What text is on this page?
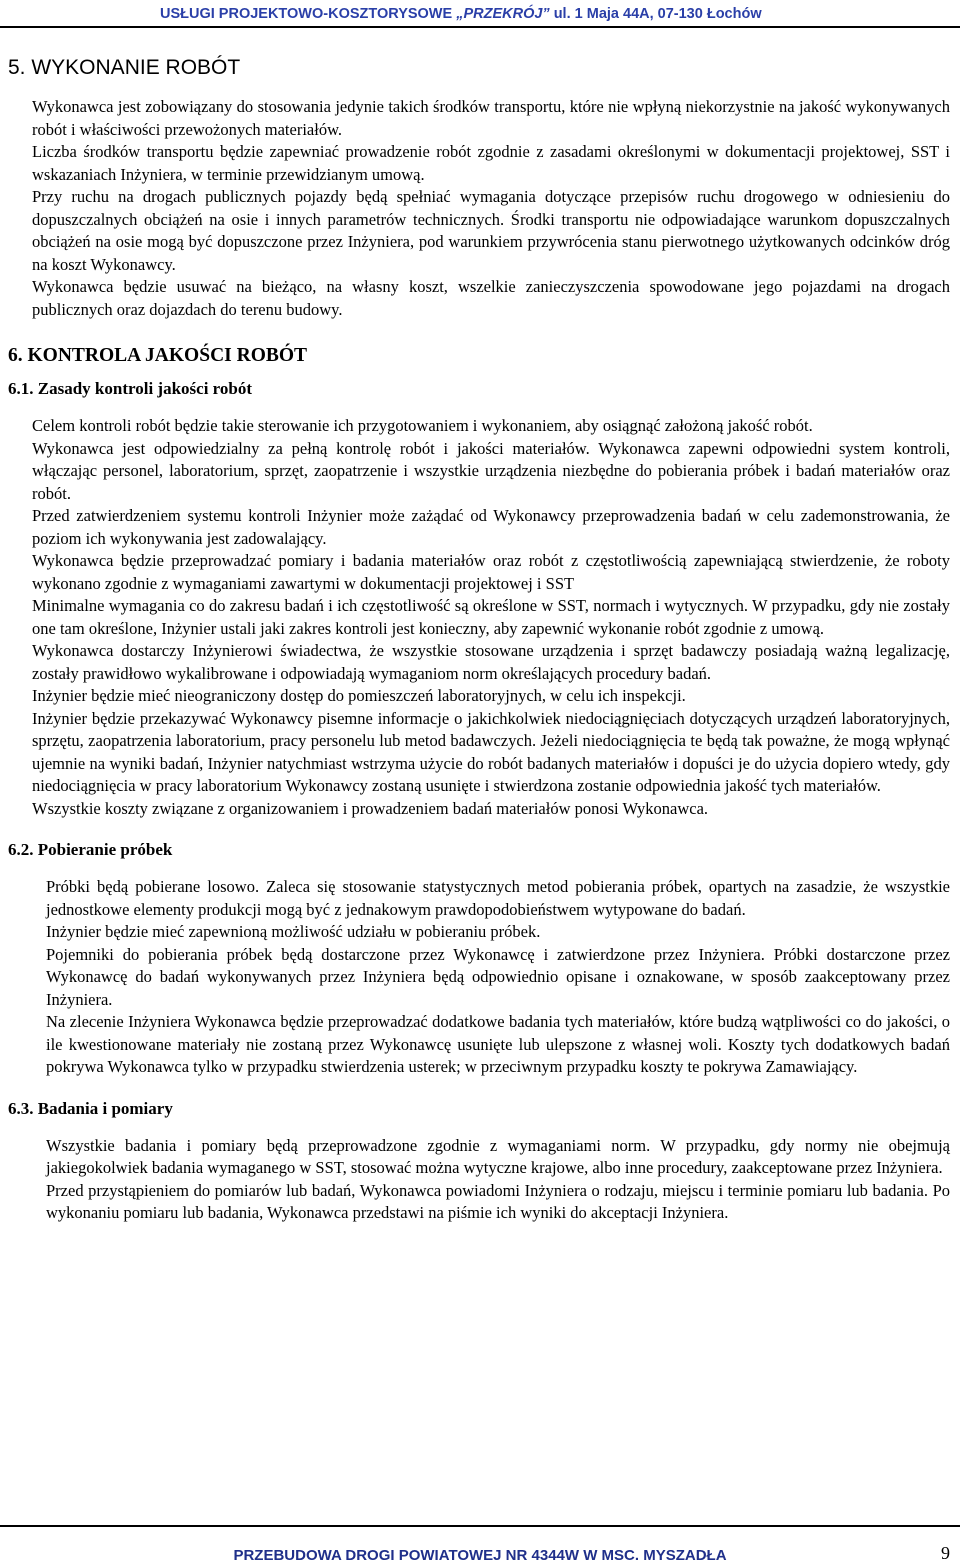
USŁUGI PROJEKTOWO-KOSZTORYSOWE „PRZEKRÓJ” ul. 1 Maja 44A, 07-130 Łochów
5. WYKONANIE ROBÓT

Wykonawca jest zobowiązany do stosowania jedynie takich środków transportu, które nie wpłyną niekorzystnie na jakość wykonywanych robót i właściwości przewożonych materiałów.

Liczba środków transportu będzie zapewniać prowadzenie robót zgodnie z zasadami określonymi w dokumentacji projektowej, SST i wskazaniach Inżyniera, w terminie przewidzianym umową.

Przy ruchu na drogach publicznych pojazdy będą spełniać wymagania dotyczące przepisów ruchu drogowego w odniesieniu do dopuszczalnych obciążeń na osie i innych parametrów technicznych. Środki transportu nie odpowiadające warunkom dopuszczalnych obciążeń na osie mogą być dopuszczone przez Inżyniera, pod warunkiem przywrócenia stanu pierwotnego użytkowanych odcinków dróg na koszt Wykonawcy.

Wykonawca będzie usuwać na bieżąco, na własny koszt, wszelkie zanieczyszczenia spowodowane jego pojazdami na drogach publicznych oraz dojazdach do terenu budowy.

6. KONTROLA JAKOŚCI ROBÓT
6.1. Zasady kontroli jakości robót

Celem kontroli robót będzie takie sterowanie ich przygotowaniem i wykonaniem, aby osiągnąć założoną jakość robót.

Wykonawca jest odpowiedzialny za pełną kontrolę robót i jakości materiałów. Wykonawca zapewni odpowiedni system kontroli, włączając personel, laboratorium, sprzęt, zaopatrzenie i wszystkie urządzenia niezbędne do pobierania próbek i badań materiałów oraz robót.

Przed zatwierdzeniem systemu kontroli Inżynier może zażądać od Wykonawcy przeprowadzenia badań w celu zademonstrowania, że poziom ich wykonywania jest zadowalający.

Wykonawca będzie przeprowadzać pomiary i badania materiałów oraz robót z częstotliwością zapewniającą stwierdzenie, że roboty wykonano zgodnie z wymaganiami zawartymi w dokumentacji projektowej i SST

Minimalne wymagania co do zakresu badań i ich częstotliwość są określone w SST, normach i wytycznych. W przypadku, gdy nie zostały one tam określone, Inżynier ustali jaki zakres kontroli jest konieczny, aby zapewnić wykonanie robót zgodnie z umową.

Wykonawca dostarczy Inżynierowi świadectwa, że wszystkie stosowane urządzenia i sprzęt badawczy posiadają ważną legalizację, zostały prawidłowo wykalibrowane i odpowiadają wymaganiom norm określających procedury badań.

Inżynier będzie mieć nieograniczony dostęp do pomieszczeń laboratoryjnych, w celu ich inspekcji.

Inżynier będzie przekazywać Wykonawcy pisemne informacje o jakichkolwiek niedociągnięciach dotyczących urządzeń laboratoryjnych, sprzętu, zaopatrzenia laboratorium, pracy personelu lub metod badawczych. Jeżeli niedociągnięcia te będą tak poważne, że mogą wpłynąć ujemnie na wyniki badań, Inżynier natychmiast wstrzyma użycie do robót badanych materiałów i dopuści je do użycia dopiero wtedy, gdy niedociągnięcia w pracy laboratorium Wykonawcy zostaną usunięte i stwierdzona zostanie odpowiednia jakość tych materiałów.

Wszystkie koszty związane z organizowaniem i prowadzeniem badań materiałów ponosi Wykonawca.

6.2. Pobieranie próbek

Próbki będą pobierane losowo. Zaleca się stosowanie statystycznych metod pobierania próbek, opartych na zasadzie, że wszystkie jednostkowe elementy produkcji mogą być z jednakowym prawdopodobieństwem wytypowane do badań.

Inżynier będzie mieć zapewnioną możliwość udziału w pobieraniu próbek.

Pojemniki do pobierania próbek będą dostarczone przez Wykonawcę i zatwierdzone przez Inżyniera. Próbki dostarczone przez Wykonawcę do badań wykonywanych przez Inżyniera będą odpowiednio opisane i oznakowane, w sposób zaakceptowany przez Inżyniera.

Na zlecenie Inżyniera Wykonawca będzie przeprowadzać dodatkowe badania tych materiałów, które budzą wątpliwości co do jakości, o ile kwestionowane materiały nie zostaną przez Wykonawcę usunięte lub ulepszone z własnej woli. Koszty tych dodatkowych badań pokrywa Wykonawca tylko w przypadku stwierdzenia usterek; w przeciwnym przypadku koszty te pokrywa Zamawiający.

6.3. Badania i pomiary

Wszystkie badania i pomiary będą przeprowadzone zgodnie z wymaganiami norm. W przypadku, gdy normy nie obejmują jakiegokolwiek badania wymaganego w SST, stosować można wytyczne krajowe, albo inne procedury, zaakceptowane przez Inżyniera.

Przed przystąpieniem do pomiarów lub badań, Wykonawca powiadomi Inżyniera o rodzaju, miejscu i terminie pomiaru lub badania. Po wykonaniu pomiaru lub badania, Wykonawca przedstawi na piśmie ich wyniki do akceptacji Inżyniera.

PRZEBUDOWA DROGI POWIATOWEJ NR 4344W W MSC. MYSZADŁA	9
